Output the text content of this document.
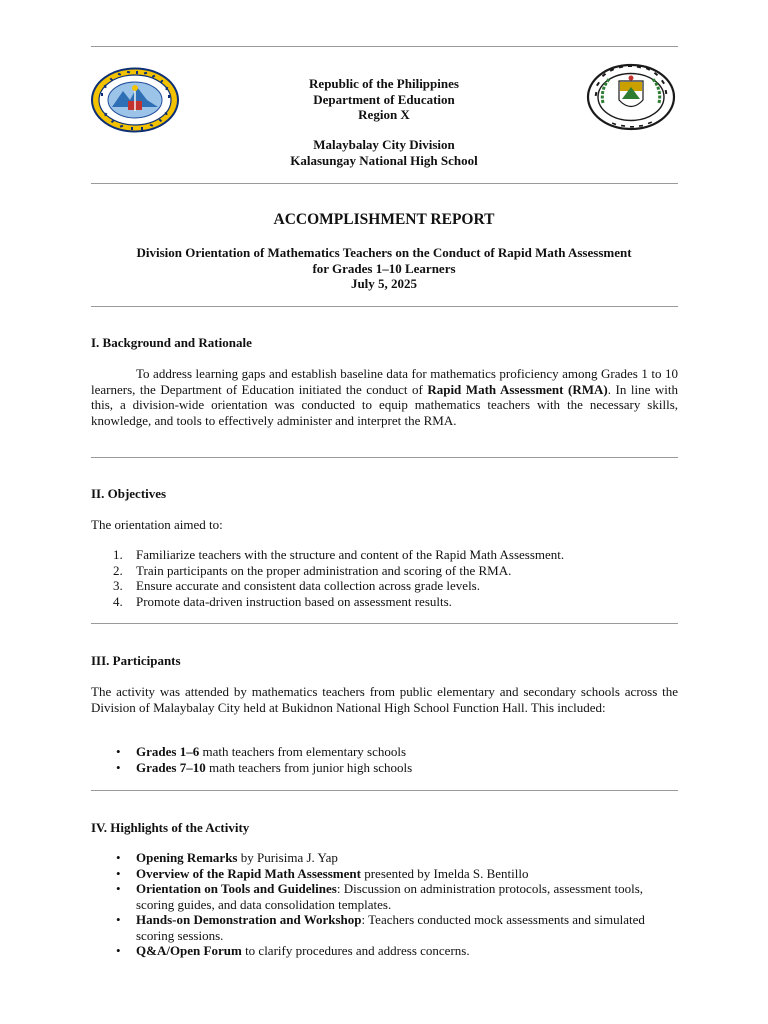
Republic of the Philippines
Department of Education
Region X
Malaybalay City Division
Kalasungay National High School
ACCOMPLISHMENT REPORT
Division Orientation of Mathematics Teachers on the Conduct of Rapid Math Assessment
for Grades 1–10 Learners
July 5, 2025
I. Background and Rationale

To address learning gaps and establish baseline data for mathematics proficiency among Grades 1 to 10 learners, the Department of Education initiated the conduct of Rapid Math Assessment (RMA). In line with this, a division-wide orientation was conducted to equip mathematics teachers with the necessary skills, knowledge, and tools to effectively administer and interpret the RMA.

II. Objectives

The orientation aimed to:

1. Familiarize teachers with the structure and content of the Rapid Math Assessment.
2. Train participants on the proper administration and scoring of the RMA.
3. Ensure accurate and consistent data collection across grade levels.
4. Promote data-driven instruction based on assessment results.
III. Participants

The activity was attended by mathematics teachers from public elementary and secondary schools across the Division of Malaybalay City held at Bukidnon National High School Function Hall. This included:

• Grades 1–6 math teachers from elementary schools
• Grades 7–10 math teachers from junior high schools
IV. Highlights of the Activity
• Opening Remarks by Purisima J. Yap
• Overview of the Rapid Math Assessment presented by Imelda S. Bentillo
• Orientation on Tools and Guidelines: Discussion on administration protocols, assessment tools, scoring guides, and data consolidation templates.
• Hands-on Demonstration and Workshop: Teachers conducted mock assessments and simulated scoring sessions.
• Q&A/Open Forum to clarify procedures and address concerns.
